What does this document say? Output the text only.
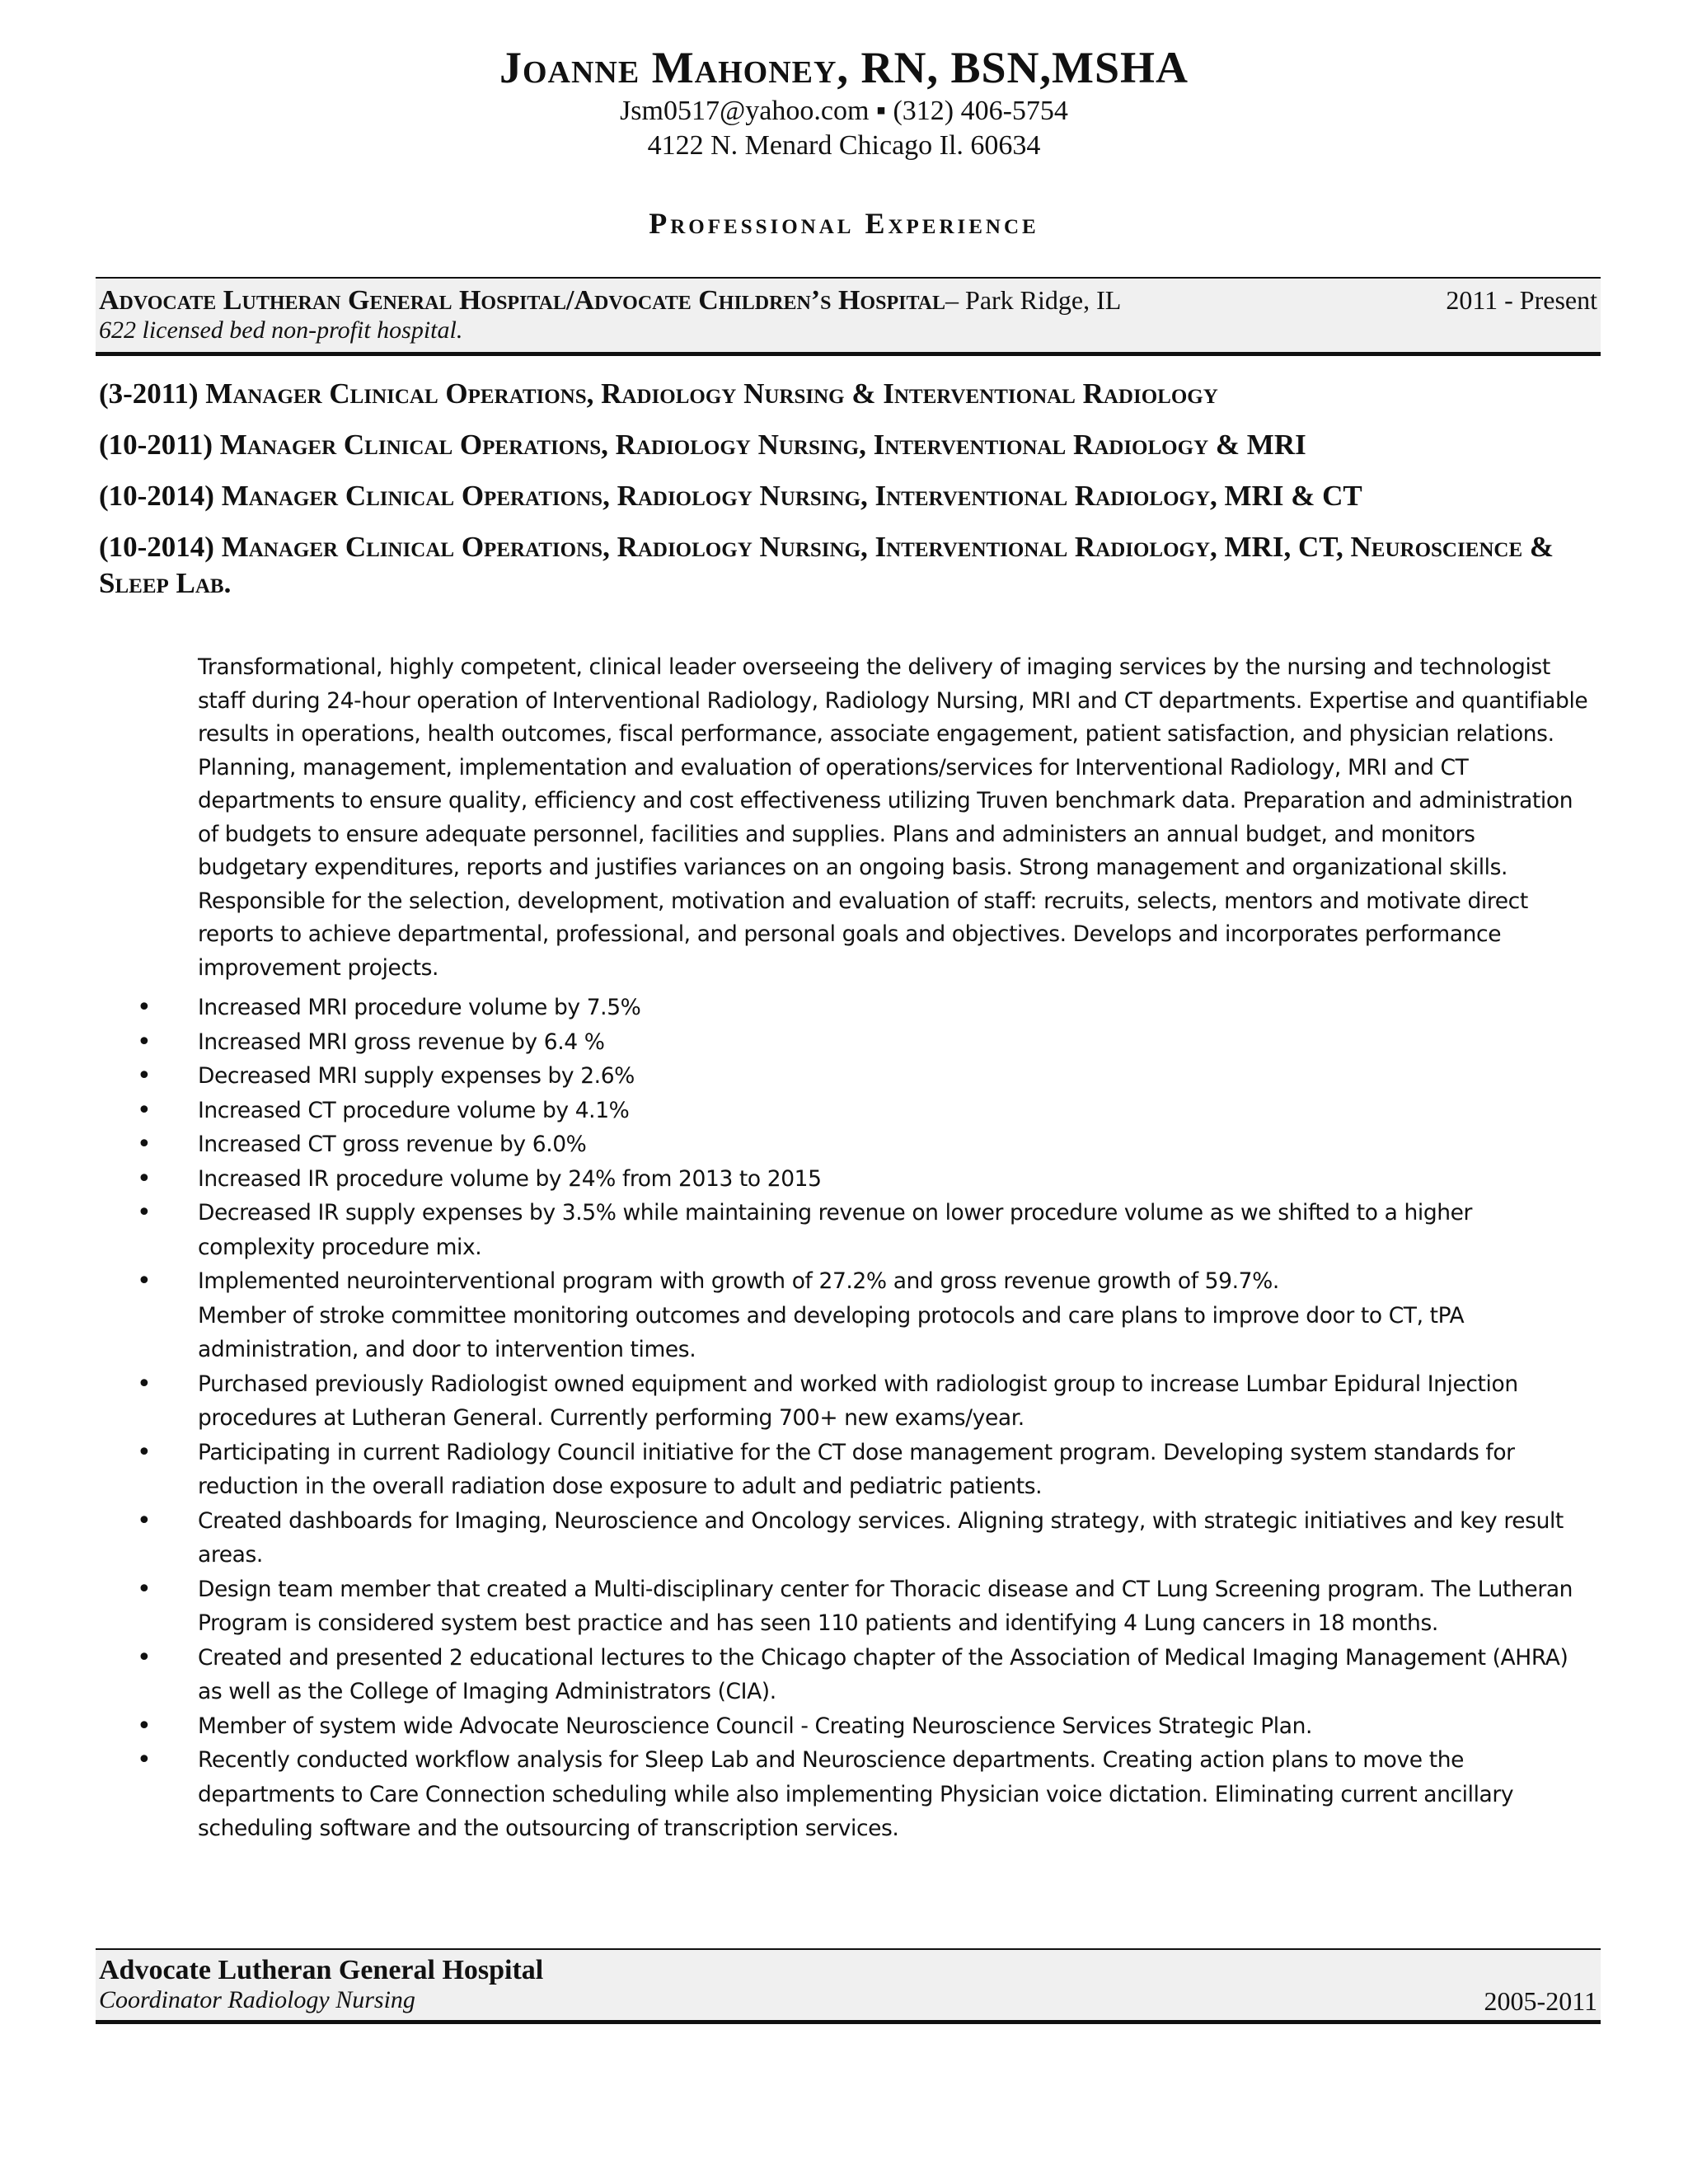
Joanne Mahoney, RN, BSN,MSHA
Jsm0517@yahoo.com ▪ (312) 406-5754
4122 N. Menard Chicago Il. 60634
Professional Experience
Advocate Lutheran General Hospital/Advocate Children’s Hospital– Park Ridge, IL	2011 - Present
622 licensed bed non-profit hospital.
(3-2011) Manager Clinical Operations, Radiology Nursing & Interventional Radiology
(10-2011) Manager Clinical Operations, Radiology Nursing, Interventional Radiology & MRI
(10-2014) Manager Clinical Operations, Radiology Nursing, Interventional Radiology, MRI & CT
(10-2014) Manager Clinical Operations, Radiology Nursing, Interventional Radiology, MRI, CT, Neuroscience & Sleep Lab.

Transformational, highly competent, clinical leader overseeing the delivery of imaging services by the nursing and technologist staff during 24-hour operation of Interventional Radiology, Radiology Nursing, MRI and CT departments. Expertise and quantifiable results in operations, health outcomes, fiscal performance, associate engagement, patient satisfaction, and physician relations. Planning, management, implementation and evaluation of operations/services for Interventional Radiology, MRI and CT departments to ensure quality, efficiency and cost effectiveness utilizing Truven benchmark data. Preparation and administration of budgets to ensure adequate personnel, facilities and supplies. Plans and administers an annual budget, and monitors budgetary expenditures, reports and justifies variances on an ongoing basis. Strong management and organizational skills. Responsible for the selection, development, motivation and evaluation of staff: recruits, selects, mentors and motivate direct reports to achieve departmental, professional, and personal goals and objectives. Develops and incorporates performance improvement projects.

• Increased MRI procedure volume by 7.5%
• Increased MRI gross revenue by 6.4 %
• Decreased MRI supply expenses by 2.6%
• Increased CT procedure volume by 4.1%
• Increased CT gross revenue by 6.0%
• Increased IR procedure volume by 24% from 2013 to 2015
• Decreased IR supply expenses by 3.5% while maintaining revenue on lower procedure volume as we shifted to a higher complexity procedure mix.
• Implemented neurointerventional program with growth of 27.2% and gross revenue growth of 59.7%.
Member of stroke committee monitoring outcomes and developing protocols and care plans to improve door to CT, tPA administration, and door to intervention times.
• Purchased previously Radiologist owned equipment and worked with radiologist group to increase Lumbar Epidural Injection procedures at Lutheran General. Currently performing 700+ new exams/year.
• Participating in current Radiology Council initiative for the CT dose management program. Developing system standards for reduction in the overall radiation dose exposure to adult and pediatric patients.
• Created dashboards for Imaging, Neuroscience and Oncology services. Aligning strategy, with strategic initiatives and key result areas.
• Design team member that created a Multi-disciplinary center for Thoracic disease and CT Lung Screening program. The Lutheran Program is considered system best practice and has seen 110 patients and identifying 4 Lung cancers in 18 months.
• Created and presented 2 educational lectures to the Chicago chapter of the Association of Medical Imaging Management (AHRA) as well as the College of Imaging Administrators (CIA).
• Member of system wide Advocate Neuroscience Council - Creating Neuroscience Services Strategic Plan.
• Recently conducted workflow analysis for Sleep Lab and Neuroscience departments. Creating action plans to move the departments to Care Connection scheduling while also implementing Physician voice dictation. Eliminating current ancillary scheduling software and the outsourcing of transcription services.
Advocate Lutheran General Hospital
Coordinator Radiology Nursing	2005-2011
